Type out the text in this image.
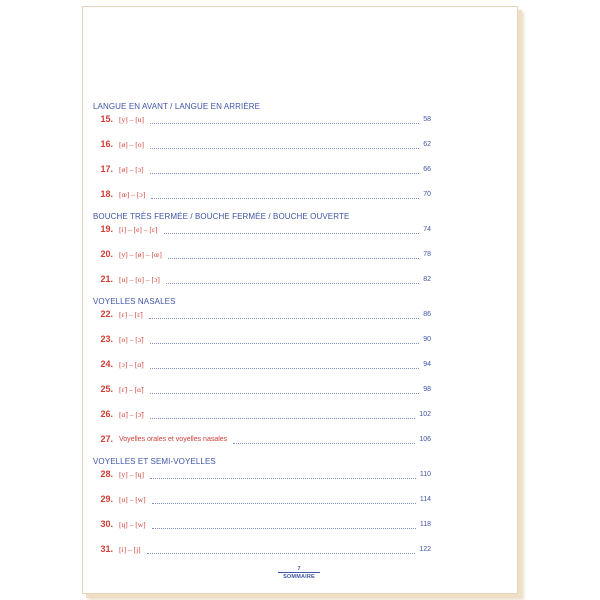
LANGUE EN AVANT / LANGUE EN ARRIÈRE
15. [y] – [u]	58
16. [ø] – [o]	62
17. [ø] – [ɔ]	66
18. [œ] – [ɔ]	70
BOUCHE TRÈS FERMÉE / BOUCHE FERMÉE / BOUCHE OUVERTE
19. [i] – [e] – [ɛ]	74
20. [y] – [ø] – [œ]	78
21. [u] – [o] – [ɔ]	82
VOYELLES NASALES
22. [ɛ] – [ɛ̃]	86
23. [o] – [ɔ̃]	90
24. [ɔ] – [ɑ̃]	94
25. [ɛ̃] – [ɑ̃]	98
26. [ɑ̃] – [ɔ̃]	102
27. Voyelles orales et voyelles nasales	106
VOYELLES ET SEMI-VOYELLES
28. [y] – [ɥ]	110
29. [u] – [w]	114
30. [ɥ] – [w]	118
31. [i] – [j]	122
7
SOMMAIRE
